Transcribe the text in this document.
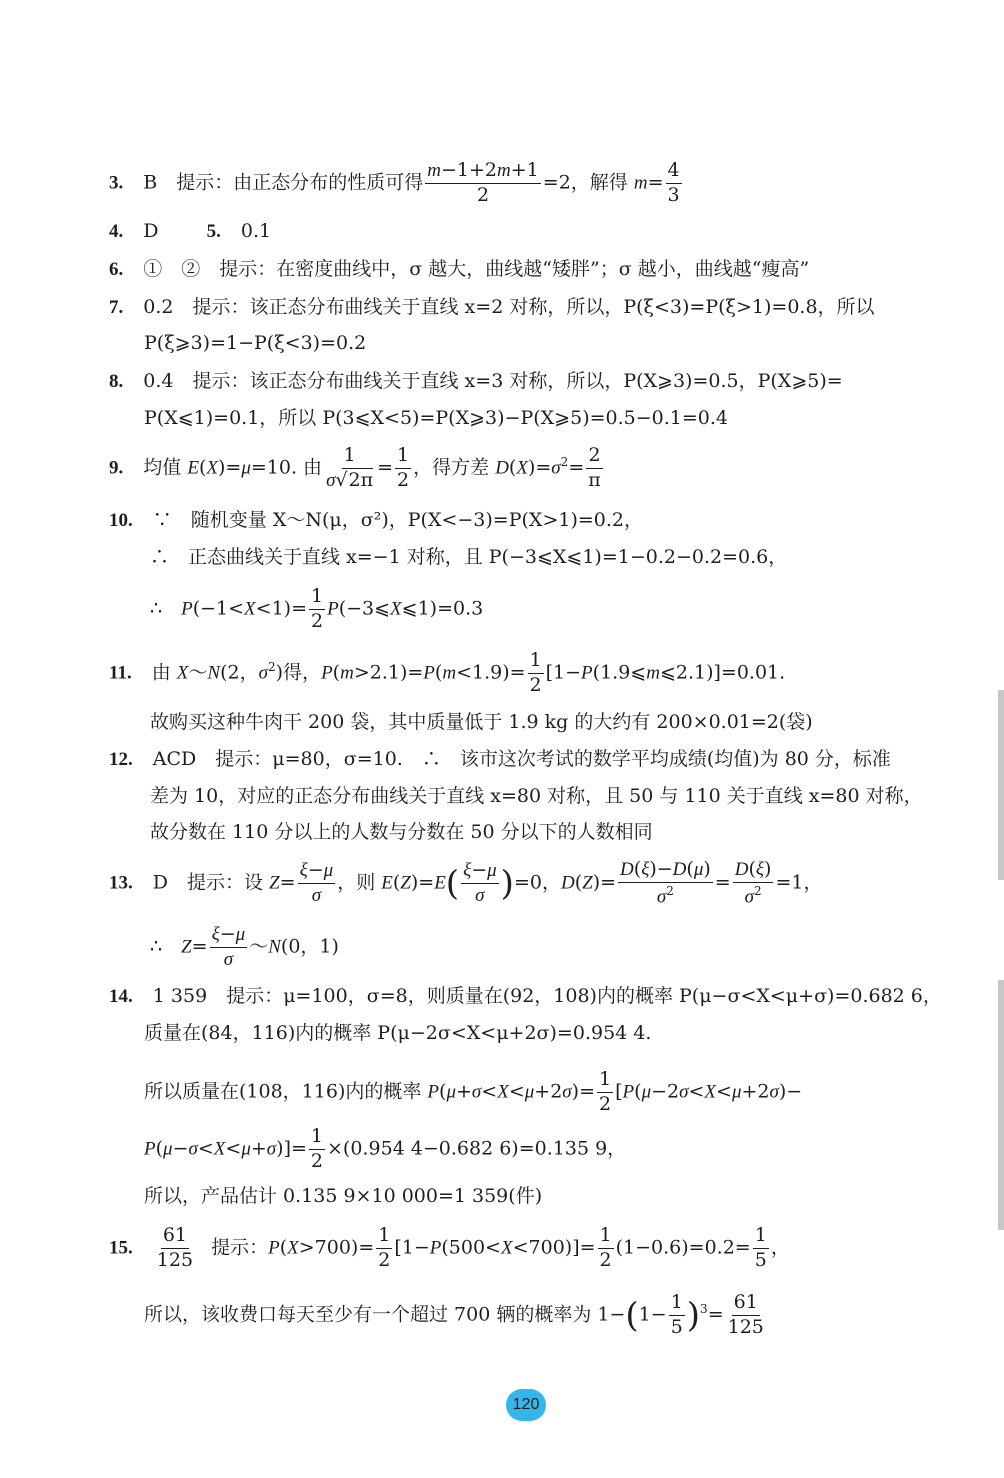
3. B　提示：由正态分布的性质可得 $\frac{m-1+2m+1}{2} =2$，解得 $m= \frac{4}{3}$
4. D	5. 0.1
6. ①　②　提示：在密度曲线中，σ 越大，曲线越“矮胖”；σ 越小，曲线越“瘦高”
7. 0.2　提示：该正态分布曲线关于直线 x=2 对称，所以，P(ξ<3)=P(ξ>1)=0.8，所以
P(ξ⩾3)=1−P(ξ<3)=0.2
8. 0.4　提示：该正态分布曲线关于直线 x=3 对称，所以，P(X⩾3)=0.5，P(X⩾5)=
P(X⩽1)=0.1，所以 P(3⩽X<5)=P(X⩾3)−P(X⩾5)=0.5−0.1=0.4
9. 均值 E(X)=μ=10. 由 $\frac{1}{\sigma√2\pi} = \frac{1}{2}$ ，得方差 $D(X)=\sigma^2= \frac{2}{\pi}$
10. ∵　随机变量 X～N(μ，σ²)，P(X<−3)=P(X>1)=0.2，
∴　正态曲线关于直线 x=−1 对称，且 P(−3⩽X⩽1)=1−0.2−0.2=0.6，
∴　$P(-1<X<1)= \frac{1}{2}$ P(−3⩽X⩽1)=0.3
11. 由 X～N(2，$\sigma^2$)得，$P(m>2.1)=P(m<1.9)= \frac{1}{2}$ [1−P(1.9⩽m⩽2.1)]=0.01.
故购买这种牛肉干 200 袋，其中质量低于 1.9 kg 的大约有 200×0.01=2(袋)
12. ACD　提示：μ=80，σ=10.　∴　该市这次考试的数学平均成绩(均值)为 80 分，标准
差为 10，对应的正态分布曲线关于直线 x=80 对称，且 50 与 110 关于直线 x=80 对称，
故分数在 110 分以上的人数与分数在 50 分以下的人数相同
13. D　提示：设 $Z= \frac{\xi-\mu}{\sigma}$ ，则 $E(Z)=E( \frac{\xi-\mu}{\sigma} )=0$，$D(Z)= \frac{D(\xi)-D(\mu)}{\sigma^2} = \frac{D(\xi)}{\sigma^2} =1$，
∴　$Z= \frac{\xi-\mu}{\sigma}$ ～N(0，1)
14. 1 359　提示：μ=100，σ=8，则质量在(92，108)内的概率 P(μ−σ<X<μ+σ)=0.682 6，
质量在(84，116)内的概率 P(μ−2σ<X<μ+2σ)=0.954 4.
所以质量在(108，116)内的概率 $P(\mu+\sigma<X<\mu+2\sigma)= \frac{1}{2} [P(\mu-2\sigma<X<\mu+2\sigma)-$
$P(\mu-\sigma<X<\mu+\sigma)]= \frac{1}{2} \times(0.954$ 4−0.682 6)=0.135 9，
所以，产品估计 0.135 9×10 000=1 359(件)
15. $\frac{61}{125}$ 提示：$P(X>700)= \frac{1}{2} [1-P(500<X<700)]= \frac{1}{2} (1-0.6)=0.2= \frac{1}{5}$ ，
所以，该收费口每天至少有一个超过 700 辆的概率为 $1-(1- \frac{1}{5} )^3= \frac{61}{125}$
120
